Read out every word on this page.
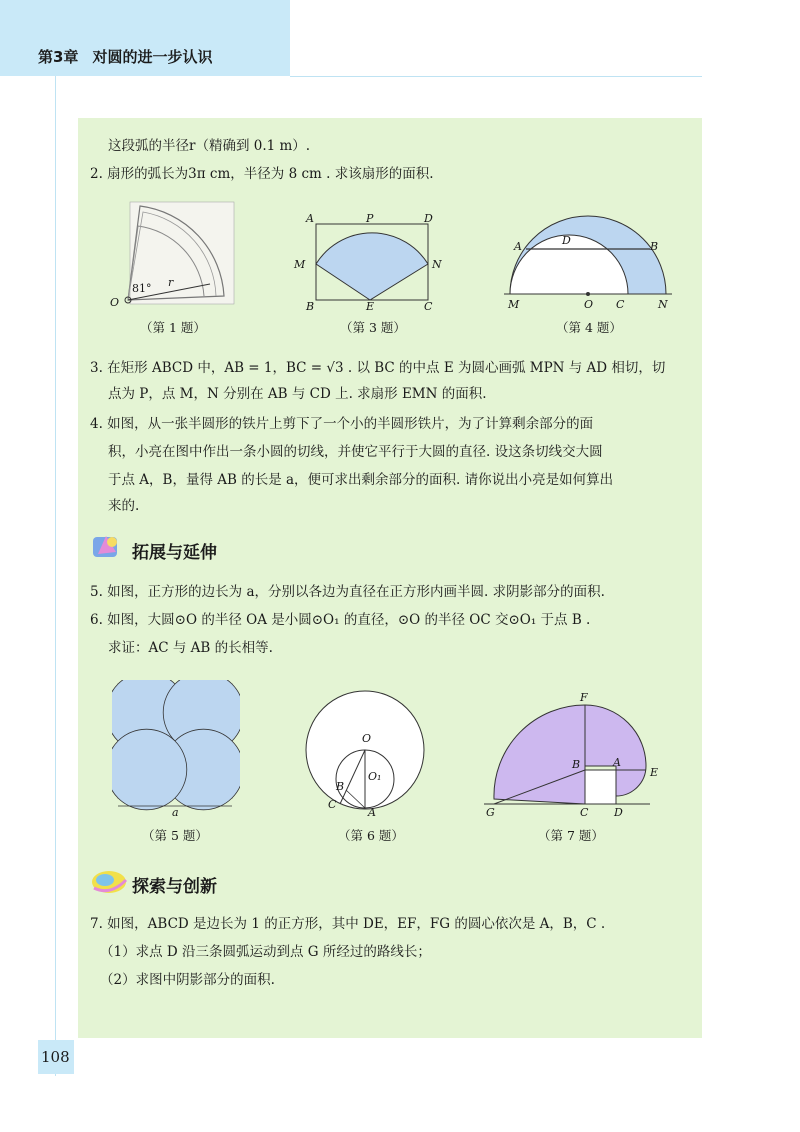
第3章 对圆的进一步认识
这段弧的半径r（精确到 0.1 m）.
2. 扇形的弧长为3π cm，半径为 8 cm . 求该扇形的面积.
O
81° r
（第 1 题）
A	P	D
M	N
B	E	C
（第 3 题）
A	D	B
M	O C	N
（第 4 题）
3. 在矩形 ABCD 中，AB = 1，BC = √3 . 以 BC 的中点 E 为圆心画弧 MPN 与 AD 相切，切
点为 P，点 M，N 分别在 AB 与 CD 上. 求扇形 EMN 的面积.
4. 如图，从一张半圆形的铁片上剪下了一个小的半圆形铁片，为了计算剩余部分的面
积，小亮在图中作出一条小圆的切线，并使它平行于大圆的直径. 设这条切线交大圆
于点 A，B，量得 AB 的长是 a，便可求出剩余部分的面积. 请你说出小亮是如何算出
来的.
拓展与延伸
5. 如图，正方形的边长为 a，分别以各边为直径在正方形内画半圆. 求阴影部分的面积.
6. 如图，大圆⊙O 的半径 OA 是小圆⊙O₁ 的直径，⊙O 的半径 OC 交⊙O₁ 于点 B .
求证：AC 与 AB 的长相等.
a
（第 5 题）
O
O₁
B
C
A
（第 6 题）
F
B	A
E
G	C D
（第 7 题）
探索与创新
7. 如图，ABCD 是边长为 1 的正方形，其中 DE，EF，FG 的圆心依次是 A，B，C .
（1）求点 D 沿三条圆弧运动到点 G 所经过的路线长；
（2）求图中阴影部分的面积.
108
